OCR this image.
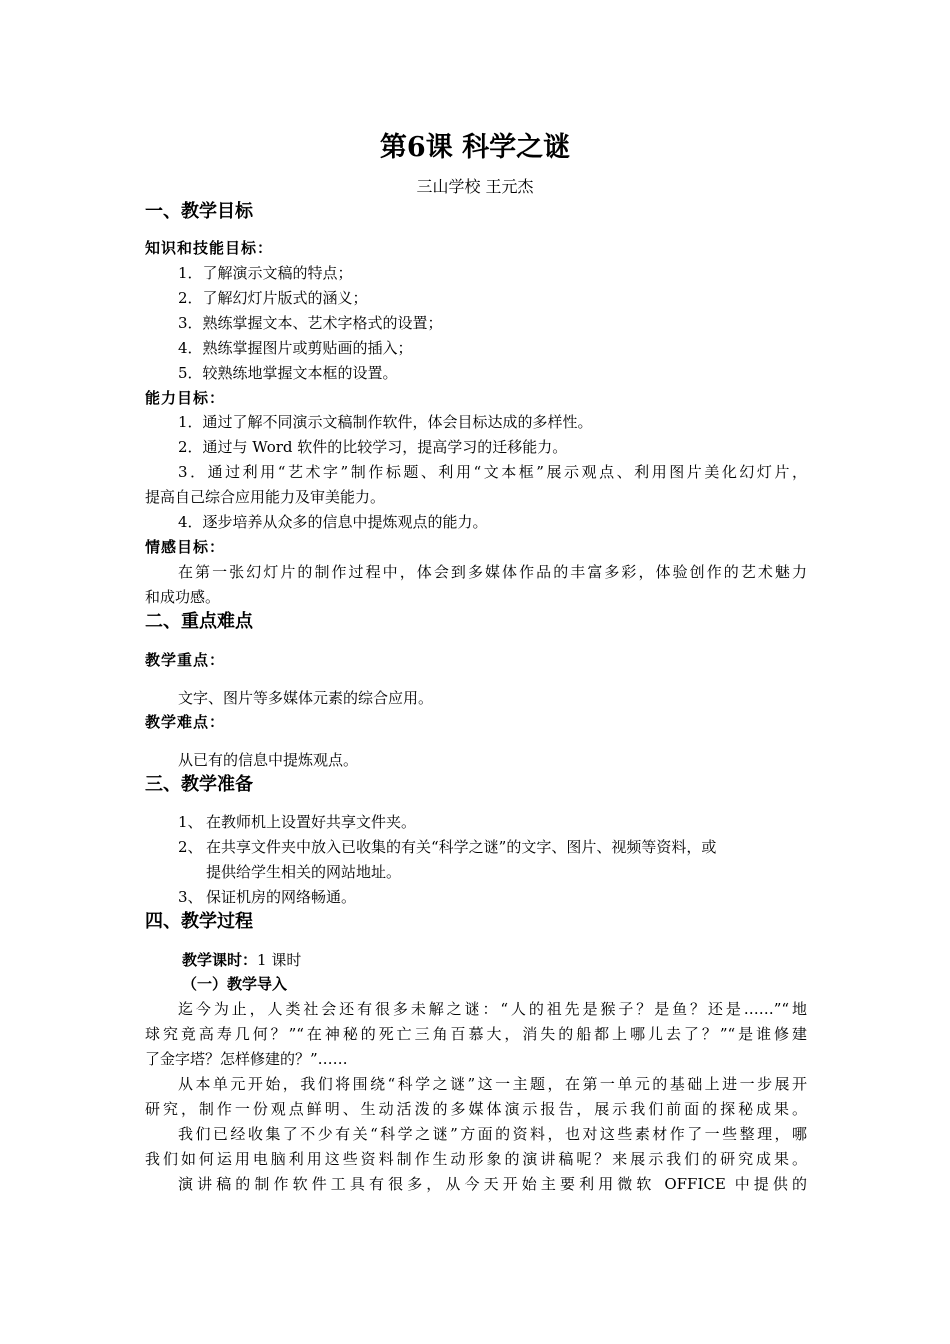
第6课 科学之谜
三山学校 王元杰
一、教学目标
知识和技能目标：
1．了解演示文稿的特点；
2．了解幻灯片版式的涵义；
3．熟练掌握文本、艺术字格式的设置；
4．熟练掌握图片或剪贴画的插入；
5．较熟练地掌握文本框的设置。
能力目标：
1．通过了解不同演示文稿制作软件，体会目标达成的多样性。
2．通过与 Word 软件的比较学习，提高学习的迁移能力。
3．通过利用“艺术字”制作标题、利用“文本框”展示观点、利用图片美化幻灯片，
提高自己综合应用能力及审美能力。
4．逐步培养从众多的信息中提炼观点的能力。
情感目标：
在第一张幻灯片的制作过程中，体会到多媒体作品的丰富多彩，体验创作的艺术魅力
和成功感。
二、重点难点
教学重点：
文字、图片等多媒体元素的综合应用。
教学难点：
从已有的信息中提炼观点。
三、教学准备
1、 在教师机上设置好共享文件夹。
2、 在共享文件夹中放入已收集的有关“科学之谜”的文字、图片、视频等资料，或
提供给学生相关的网站地址。
3、 保证机房的网络畅通。
四、教学过程
教学课时：1 课时
（一）教学导入
迄今为止，人类社会还有很多未解之谜：“人的祖先是猴子？是鱼？还是……”“地
球究竟高寿几何？”“在神秘的死亡三角百慕大，消失的船都上哪儿去了？”“是谁修建
了金字塔？怎样修建的？”……
从本单元开始，我们将围绕“科学之谜”这一主题，在第一单元的基础上进一步展开
研究，制作一份观点鲜明、生动活泼的多媒体演示报告，展示我们前面的探秘成果。
我们已经收集了不少有关“科学之谜”方面的资料，也对这些素材作了一些整理，哪
我们如何运用电脑利用这些资料制作生动形象的演讲稿呢？来展示我们的研究成果。
演讲稿的制作软件工具有很多，从今天开始主要利用微软 OFFICE 中提供的
